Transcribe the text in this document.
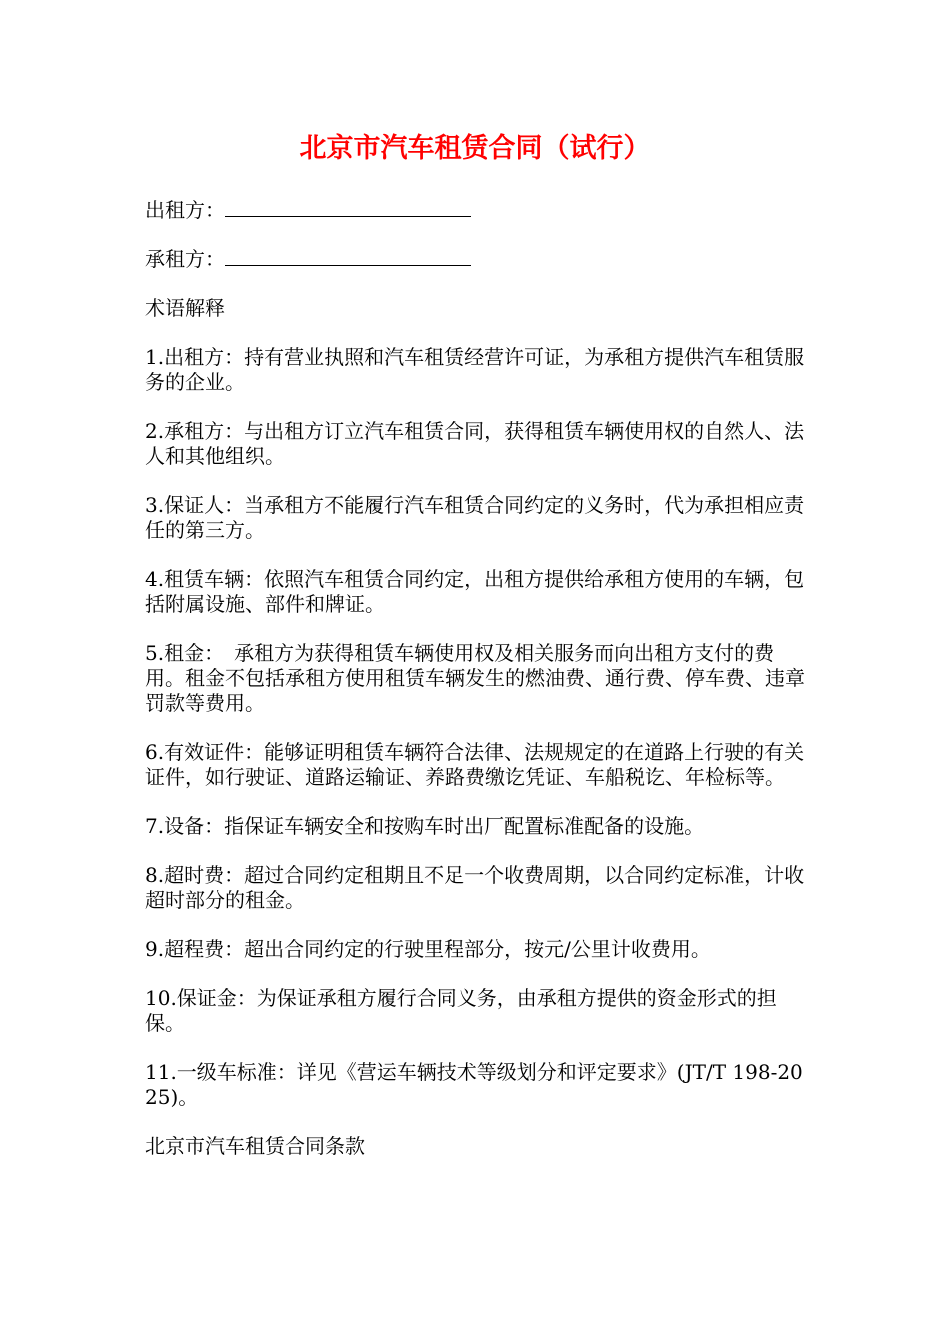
北京市汽车租赁合同（试行）

出租方：

承租方：

术语解释

1.出租方：持有营业执照和汽车租赁经营许可证，为承租方提供汽车租赁服务的企业。

2.承租方：与出租方订立汽车租赁合同，获得租赁车辆使用权的自然人、法人和其他组织。

3.保证人：当承租方不能履行汽车租赁合同约定的义务时，代为承担相应责任的第三方。

4.租赁车辆：依照汽车租赁合同约定，出租方提供给承租方使用的车辆，包括附属设施、部件和牌证。

5.租金：　承租方为获得租赁车辆使用权及相关服务而向出租方支付的费用。租金不包括承租方使用租赁车辆发生的燃油费、通行费、停车费、违章罚款等费用。

6.有效证件：能够证明租赁车辆符合法律、法规规定的在道路上行驶的有关证件，如行驶证、道路运输证、养路费缴讫凭证、车船税讫、年检标等。

7.设备：指保证车辆安全和按购车时出厂配置标准配备的设施。

8.超时费：超过合同约定租期且不足一个收费周期，以合同约定标准，计收超时部分的租金。

9.超程费：超出合同约定的行驶里程部分，按元/公里计收费用。

10.保证金：为保证承租方履行合同义务，由承租方提供的资金形式的担保。

11.一级车标准：详见《营运车辆技术等级划分和评定要求》(JT/T 198-2025)。

北京市汽车租赁合同条款
